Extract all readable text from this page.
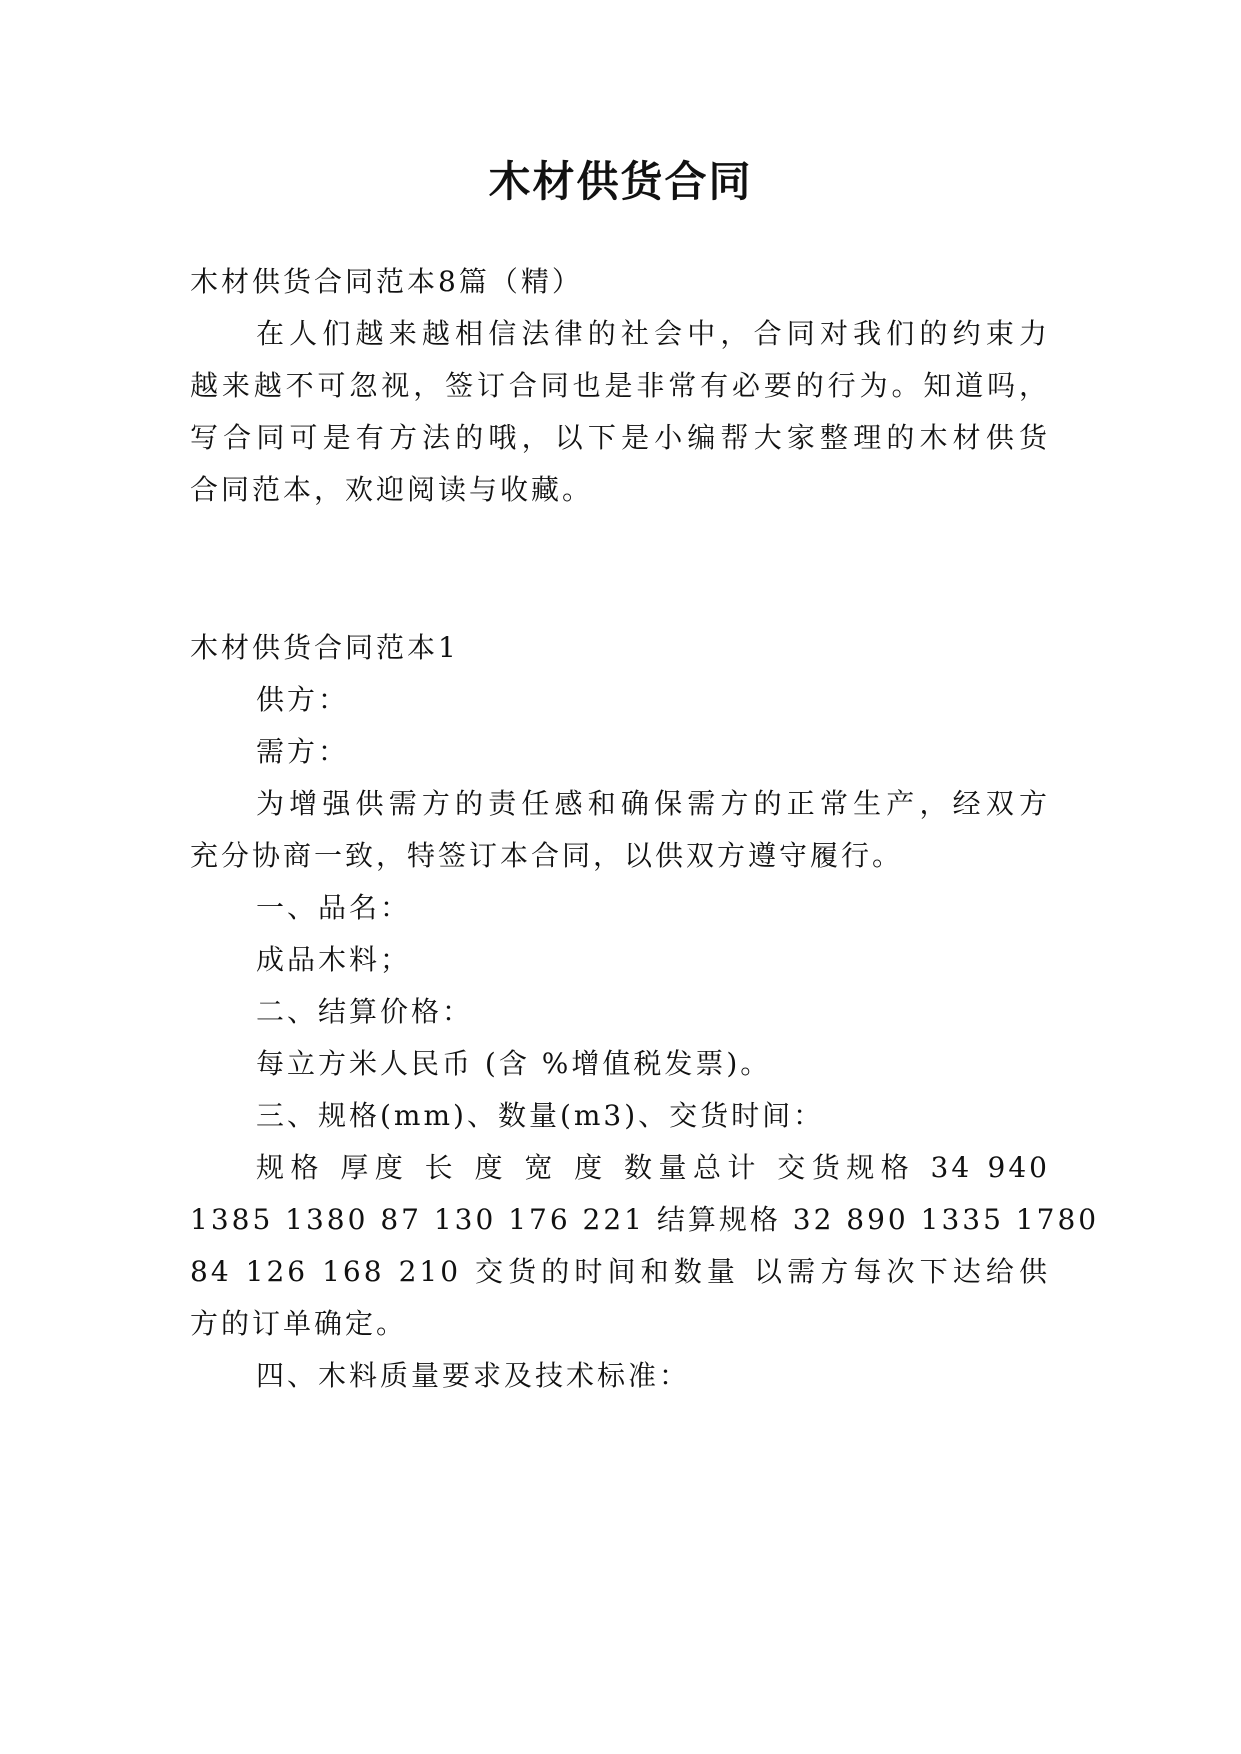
木材供货合同
木材供货合同范本8篇（精）
在人们越来越相信法律的社会中，合同对我们的约束力
越来越不可忽视，签订合同也是非常有必要的行为。知道吗，
写合同可是有方法的哦，以下是小编帮大家整理的木材供货
合同范本，欢迎阅读与收藏。
木材供货合同范本1
供方：
需方：
为增强供需方的责任感和确保需方的正常生产，经双方
充分协商一致，特签订本合同，以供双方遵守履行。
一、品名：
成品木料；
二、结算价格：
每立方米人民币 (含 %增值税发票)。
三、规格(mm)、数量(m3)、交货时间：
规格 厚度 长 度 宽 度 数量总计 交货规格 34 940
1385 1380 87 130 176 221 结算规格 32 890 1335 1780
84 126 168 210 交货的时间和数量 以需方每次下达给供
方的订单确定。
四、木料质量要求及技术标准：
